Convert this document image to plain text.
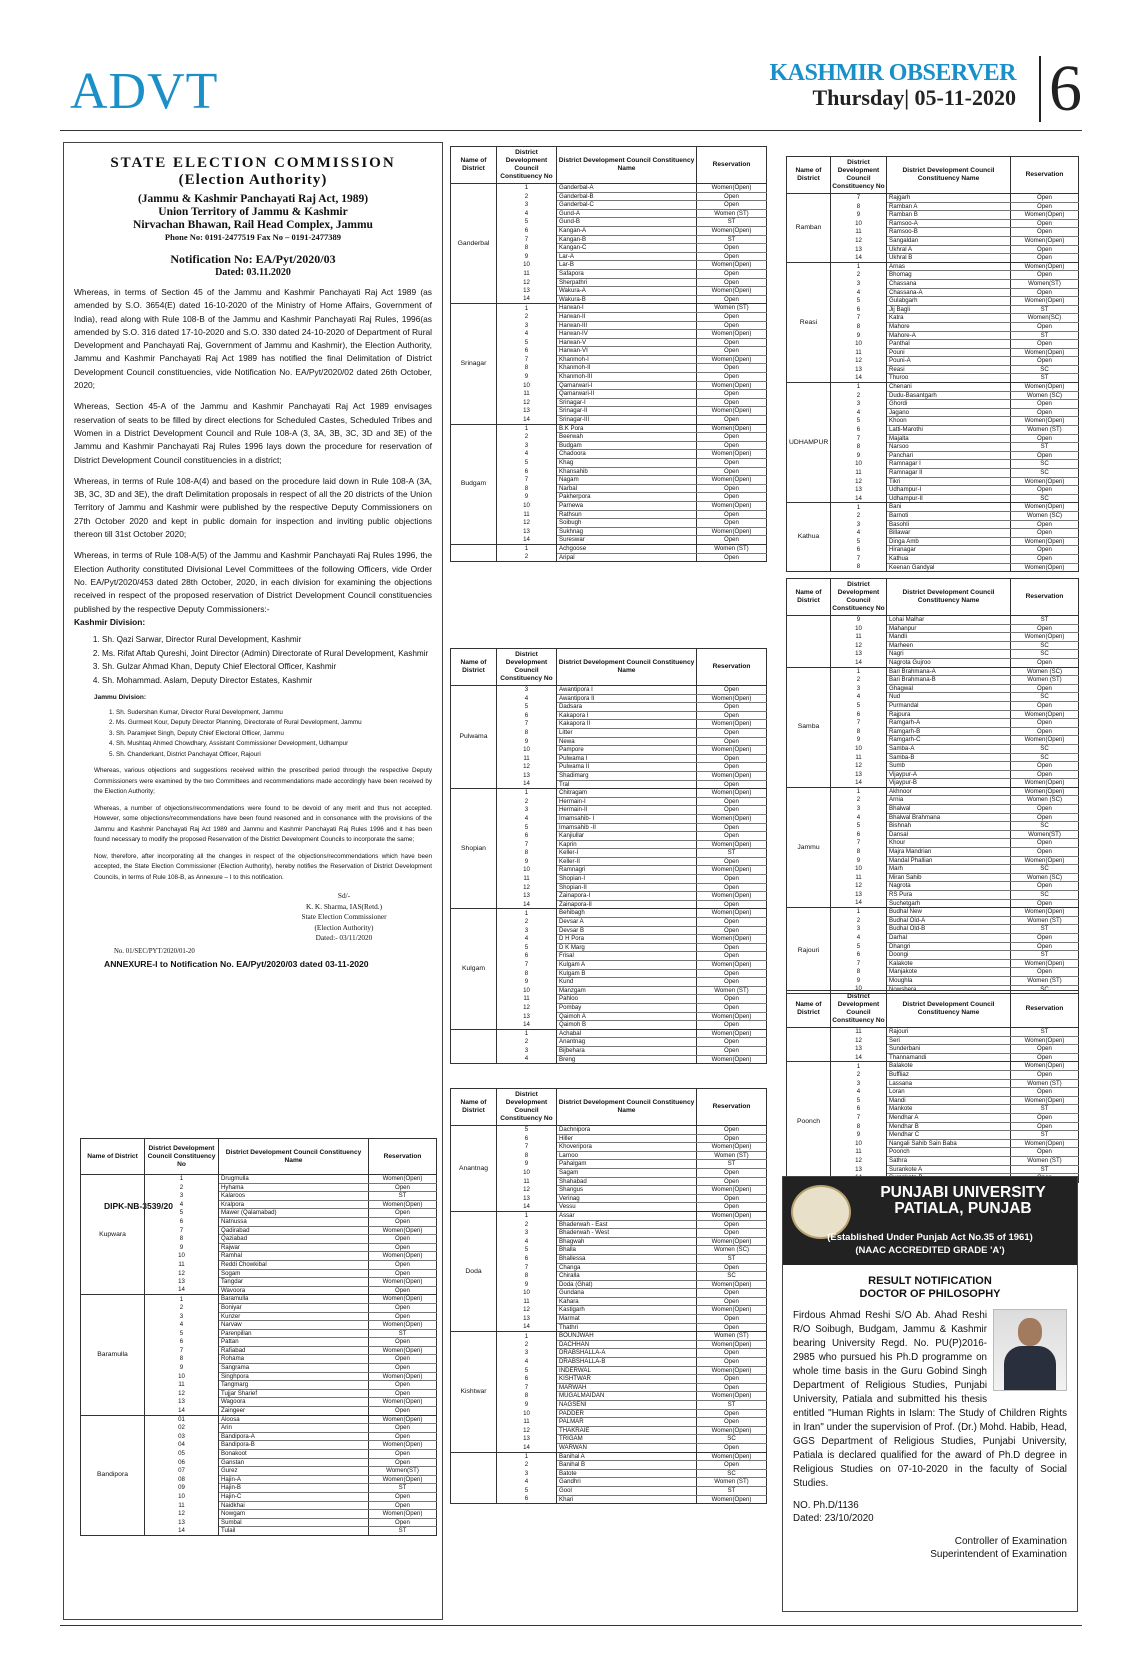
ADVT	KASHMIR OBSERVER
Thursday| 05-11-2020 6
STATE ELECTION COMMISSION
(Election Authority)
(Jammu & Kashmir Panchayati Raj Act, 1989)
Union Territory of Jammu & Kashmir
Nirvachan Bhawan, Rail Head Complex, Jammu
Phone No: 0191-2477519 Fax No – 0191-2477389
Notification No: EA/Pyt/2020/03
Dated: 03.11.2020

Whereas, in terms of Section 45 of the Jammu and Kashmir Panchayati Raj Act 1989 (as amended by S.O. 3654(E) dated 16-10-2020 of the Ministry of Home Affairs, Government of India), read along with Rule 108-B of the Jammu and Kashmir Panchayati Raj Rules, 1996(as amended by S.O. 316 dated 17-10-2020 and S.O. 330 dated 24-10-2020 of Department of Rural Development and Panchayati Raj, Government of Jammu and Kashmir), the Election Authority, Jammu and Kashmir Panchayati Raj Act 1989 has notified the final Delimitation of District Development Council constituencies, vide Notification No. EA/Pyt/2020/02 dated 26th October, 2020;

Whereas, Section 45-A of the Jammu and Kashmir Panchayati Raj Act 1989 envisages reservation of seats to be filled by direct elections for Scheduled Castes, Scheduled Tribes and Women in a District Development Council and Rule 108-A (3, 3A, 3B, 3C, 3D and 3E) of the Jammu and Kashmir Panchayati Raj Rules 1996 lays down the procedure for reservation of District Development Council constituencies in a district;

Whereas, in terms of Rule 108-A(4) and based on the procedure laid down in Rule 108-A (3A, 3B, 3C, 3D and 3E), the draft Delimitation proposals in respect of all the 20 districts of the Union Territory of Jammu and Kashmir were published by the respective Deputy Commissioners on 27th October 2020 and kept in public domain for inspection and inviting public objections thereon till 31st October 2020;

Whereas, in terms of Rule 108-A(5) of the Jammu and Kashmir Panchayati Raj Rules 1996, the Election Authority constituted Divisional Level Committees of the following Officers, vide Order No. EA/Pyt/2020/453 dated 28th October, 2020, in each division for examining the objections received in respect of the proposed reservation of District Development Council constituencies published by the respective Deputy Commissioners:-

Kashmir Division:

1. Sh. Qazi Sarwar, Director Rural Development, Kashmir
2. Ms. Rifat Aftab Qureshi, Joint Director (Admin) Directorate of Rural Development, Kashmir
3. Sh. Gulzar Ahmad Khan, Deputy Chief Electoral Officer, Kashmir
4. Sh. Mohammad. Aslam, Deputy Director Estates, Kashmir

Jammu Division:

1. Sh. Sudershan Kumar, Director Rural Development, Jammu
2. Ms. Gurmeet Kour, Deputy Director Planning, Directorate of Rural Development, Jammu
3. Sh. Paramjeet Singh, Deputy Chief Electoral Officer, Jammu
4. Sh. Mushtaq Ahmed Chowdhary, Assistant Commissioner Development, Udhampur
5. Sh. Chanderkant, District Panchayat Officer, Rajouri

Whereas, various objections and suggestions received within the prescribed period through the respective Deputy Commissioners were examined by the two Committees and recommendations made accordingly have been received by the Election Authority;

Whereas, a number of objections/recommendations were found to be devoid of any merit and thus not accepted. However, some objections/recommendations have been found reasoned and in consonance with the provisions of the Jammu and Kashmir Panchayati Raj Act 1989 and Jammu and Kashmir Panchayati Raj Rules 1996 and it has been found necessary to modify the proposed Reservation of the District Development Councils to incorporate the same;

Now, therefore, after incorporating all the changes in respect of the objections/recommendations which have been accepted, the State Election Commissioner (Election Authority), hereby notifies the Reservation of District Development Councils, in terms of Rule 108-B, as Annexure – I to this notification.

Sd/-
K. K. Sharma, IAS(Retd.)
State Election Commissioner
(Election Authority)
Dated:- 03/11/2020
DIPK-NB-3539/20
No. 01/SEC/PYT/2020/01-20
ANNEXURE-I to Notification No. EA/Pyt/2020/03 dated 03-11-2020
Name of District	District Development Council Constituency No	District Development Council Constituency Name	Reservation
Kupwara	1	Drugmulla	Women(Open)
	2	Hyhama	Open
	3	Kalaroos	ST
	4	Kralpora	Women(Open)
	5	Mawer (Qalamabad)	Open
	6	Natnussa	Open
	7	Qadirabad	Women(Open)
	8	Qaziabad	Open
	9	Rajwar	Open
	10	Ramhal	Women(Open)
	11	Reddi Chowkibal	Open
	12	Sogam	Open
	13	Tangdar	Women(Open)
	14	Wavoora	Open
Baramulla	1	Baramulla	Women(Open)
	2	Boniyar	Open
	3	Kunzer	Open
	4	Narvaw	Women(Open)
	5	Parenpillan	ST
	6	Pattan	Open
	7	Rafiabad	Women(Open)
	8	Rohama	Open
	9	Sangrama	Open
	10	Singhpora	Women(Open)
	11	Tangmarg	Open
	12	Tujjar Sharief	Open
	13	Wagoora	Women(Open)
	14	Zaingeer	Open
Bandipora	01	Aloosa	Women(Open)
	02	Arin	Open
	03	Bandipora-A	Open
	04	Bandipora-B	Women(Open)
	05	Bonakoot	Open
	06	Ganstan	Open
	07	Gurez	Women(ST)
	08	Hajin-A	Women(Open)
	09	Hajin-B	ST
	10	Hajin-C	Open
	11	Naidkhai	Open
	12	Nowgam	Women(Open)
	13	Sumbal	Open
	14	Tulail	ST
Name of District	District Development Council Constituency No	District Development Council Constituency Name	Reservation
Ganderbal	1	Ganderbal-A	Women(Open)
	2	Ganderbal-B	Open
	3	Ganderbal-C	Open
	4	Gund-A	Women (ST)
	5	Gund-B	ST
	6	Kangan-A	Women(Open)
	7	Kangan-B	ST
	8	Kangan-C	Open
	9	Lar-A	Open
	10	Lar-B	Women(Open)
	11	Safapora	Open
	12	Sherpathri	Open
	13	Wakura-A	Women(Open)
	14	Wakura-B	Open
Srinagar	1	Harwan-I	Women (ST)
	2	Harwan-II	Open
	3	Harwan-III	Open
	4	Harwan-IV	Women(Open)
	5	Harwan-V	Open
	6	Harwan-VI	Open
	7	Khanmoh-I	Women(Open)
	8	Khanmoh-II	Open
	9	Khanmoh-III	Open
	10	Qamarwari-I	Women(Open)
	11	Qamarwari-II	Open
	12	Srinagar-I	Open
	13	Srinagar-II	Women(Open)
	14	Srinagar-III	Open
Budgam	1	B.K Pora	Women(Open)
	2	Beerwah	Open
	3	Budgam	Open
	4	Chadoora	Women(Open)
	5	Khag	Open
	6	Khansahib	Open
	7	Nagam	Women(Open)
	8	Narbal	Open
	9	Pakherpora	Open
	10	Parnewa	Women(Open)
	11	Rathsun	Open
	12	Soibugh	Open
	13	Sukhnag	Women(Open)
	14	Sureswar	Open
	1	Achgoose	Women (ST)
	2	Aripal	Open
Name of District	District Development Council Constituency No	District Development Council Constituency Name	Reservation
Pulwama	3	Awantipora I	Open
	4	Awantipora II	Women(Open)
	5	Dadsara	Open
	6	Kakapora I	Open
	7	Kakapora II	Women(Open)
	8	Litter	Open
	9	Newa	Open
	10	Pampore	Women(Open)
	11	Pulwama I	Open
	12	Pulwama II	Open
	13	Shadimarg	Women(Open)
	14	Tral	Open
Shopian	1	Chitragam	Women(Open)
	2	Hermain-I	Open
	3	Hermain-II	Open
	4	Imamsahib- I	Women(Open)
	5	Imamsahib -II	Open
	6	Kanjiullar	Open
	7	Kaprin	Women(Open)
	8	Keller-I	ST
	9	Keller-II	Open
	10	Ramnagri	Women(Open)
	11	Shopian-I	Open
	12	Shopian-II	Open
	13	Zainapora-I	Women(Open)
	14	Zainapora-II	Open
Kulgam	1	Behibagh	Women(Open)
	2	Devsar A	Open
	3	Devsar B	Open
	4	D H Pora	Women(Open)
	5	D K Marg	Open
	6	Frisal	Open
	7	Kulgam A	Women(Open)
	8	Kulgam B	Open
	9	Kund	Open
	10	Manzgam	Women (ST)
	11	Pahloo	Open
	12	Pombay	Open
	13	Qaimoh A	Women(Open)
	14	Qaimoh B	Open
	1	Achabal	Women(Open)
	2	Anantnag	Open
	3	Bijbehara	Open
	4	Breng	Women(Open)
Name of District	District Development Council Constituency No	District Development Council Constituency Name	Reservation
Anantnag	5	Dachnipora	Open
	6	Hiller	Open
	7	Khoveripora	Women(Open)
	8	Larnoo	Women (ST)
	9	Pahalgam	ST
	10	Sagam	Open
	11	Shahabad	Open
	12	Shangus	Women(Open)
	13	Verinag	Open
	14	Vessu	Open
Doda	1	Assar	Women(Open)
	2	Bhaderwah - East	Open
	3	Bhaderwah - West	Open
	4	Bhagwah	Women(Open)
	5	Bhalla	Women (SC)
	6	Bhallessa	ST
	7	Changa	Open
	8	Chiralla	SC
	9	Doda (Ghat)	Women(Open)
	10	Gundana	Open
	11	Kahara	Open
	12	Kastigarh	Women(Open)
	13	Marmat	Open
	14	Thathri	Open
Kishtwar	1	BOUNJWAH	Women (ST)
	2	DACHHAN	Women(Open)
	3	DRABSHALLA-A	Open
	4	DRABSHALLA-B	Open
	5	INDERWAL	Women(Open)
	6	KISHTWAR	Open
	7	MARWAH	Open
	8	MUGALMAIDAN	Women(Open)
	9	NAGSENI	ST
	10	PADDER	Open
	11	PALMAR	Open
	12	THAKRAIE	Women(Open)
	13	TRIGAM	SC
	14	WARWAN	Open
	1	Banihal A	Women(Open)
	2	Banihal B	Open
	3	Batote	SC
	4	Gandhri	Women (ST)
	5	Gool	ST
	6	Khari	Women(Open)
Name of District	District Development Council Constituency No	District Development Council Constituency Name	Reservation
Ramban	7	Rajgarh	Open
	8	Ramban A	Open
	9	Ramban B	Women(Open)
	10	Ramsoo-A	Open
	11	Ramsoo-B	Open
	12	Sangaldan	Women(Open)
	13	Ukhral A	Open
	14	Ukhral B	Open
Reasi	1	Arnas	Women(Open)
	2	Bhomag	Open
	3	Chassana	Women(ST)
	4	Chassana-A	Open
	5	Gulabgarh	Women(Open)
	6	Jij Bagli	ST
	7	Katra	Women(SC)
	8	Mahore	Open
	9	Mahore-A	ST
	10	Panthal	Open
	11	Pouni	Women(Open)
	12	Pouni-A	Open
	13	Reasi	SC
	14	Thuroo	ST
UDHAMPUR	1	Chenani	Women(Open)
	2	Dudu-Basantgarh	Women (SC)
	3	Ghordi	Open
	4	Jagano	Open
	5	Khoon	Women(Open)
	6	Latti-Marothi	Women (ST)
	7	Majalta	Open
	8	Narsoo	ST
	9	Panchari	Open
	10	Ramnagar I	SC
	11	Ramnagar II	SC
	12	Tikri	Women(Open)
	13	Udhampur-I	Open
	14	Udhampur-II	SC
Kathua	1	Bani	Women(Open)
	2	Barnoti	Women (SC)
	3	Basohli	Open
	4	Billawar	Open
	5	Dinga Amb	Women(Open)
	6	Hiranagar	Open
	7	Kathua	Open
	8	Keenan Gandyal	Women(Open)
Name of District	District Development Council Constituency No	District Development Council Constituency Name	Reservation
	9	Lohai Malhar	ST
	10	Mahanpur	Open
	11	Mandli	Women(Open)
	12	Marheen	SC
	13	Nagri	SC
	14	Nagrota Gujroo	Open
Samba	1	Bari Brahmana-A	Women (SC)
	2	Bari Brahmana-B	Women (ST)
	3	Ghagwal	Open
	4	Nud	SC
	5	Purmandal	Open
	6	Rajpura	Women(Open)
	7	Ramgarh-A	Open
	8	Ramgarh-B	Open
	9	Ramgarh-C	Women(Open)
	10	Samba-A	SC
	11	Samba-B	SC
	12	Sumb	Open
	13	Vijaypur-A	Open
	14	Vijaypur-B	Women(Open)
Jammu	1	Akhnoor	Women(Open)
	2	Arnia	Women (SC)
	3	Bhalwal	Open
	4	Bhalwal Brahmana	Open
	5	Bishnah	SC
	6	Dansal	Women(ST)
	7	Khour	Open
	8	Majra Mandrian	Open
	9	Mandal Phallian	Women(Open)
	10	Marh	SC
	11	Miran Sahib	Women (SC)
	12	Nagrota	Open
	13	RS Pura	SC
	14	Suchetgarh	Open
Rajouri	1	Budhal New	Women(Open)
	2	Budhal Old-A	Women (ST)
	3	Budhal Old-B	ST
	4	Darhal	Open
	5	Dhangri	Open
	6	Doongi	ST
	7	Kalakote	Women(Open)
	8	Manjakote	Open
	9	Moughla	Women (ST)
	10	Nowshera	SC
Name of District	District Development Council Constituency No	District Development Council Constituency Name	Reservation
	11	Rajouri	ST
	12	Seri	Women(Open)
	13	Sunderbani	Open
	14	Thannamandi	Open
Poonch	1	Balakote	Women(Open)
	2	Buffliaz	Open
	3	Lassana	Women (ST)
	4	Loran	Open
	5	Mandi	Women(Open)
	6	Mankote	ST
	7	Mendhar A	Open
	8	Mendhar B	Open
	9	Mendhar C	ST
	10	Nangali Sahib Sain Baba	Women(Open)
	11	Poonch	Open
	12	Sathra	Women (ST)
	13	Surankote A	ST

PUNJABI UNIVERSITY PATIALA, PUNJAB
(Established Under Punjab Act No.35 of 1961)
(NAAC ACCREDITED GRADE 'A')
RESULT NOTIFICATION
DOCTOR OF PHILOSOPHY
Firdous Ahmad Reshi S/O Ab. Ahad Reshi R/O Soibugh, Budgam, Jammu & Kashmir bearing University Regd. No. PU(P)2016-2985 who pursued his Ph.D programme on whole time basis in the Guru Gobind Singh Department of Religious Studies, Punjabi University, Patiala and submitted his thesis entitled "Human Rights in Islam: The Study of Children Rights in Iran" under the supervision of Prof. (Dr.) Mohd. Habib, Head, GGS Department of Religious Studies, Punjabi University, Patiala is declared qualified for the award of Ph.D degree in Religious Studies on 07-10-2020 in the faculty of Social Studies.
NO. Ph.D/1136
Dated: 23/10/2020
Controller of Examination
Superintendent of Examination
